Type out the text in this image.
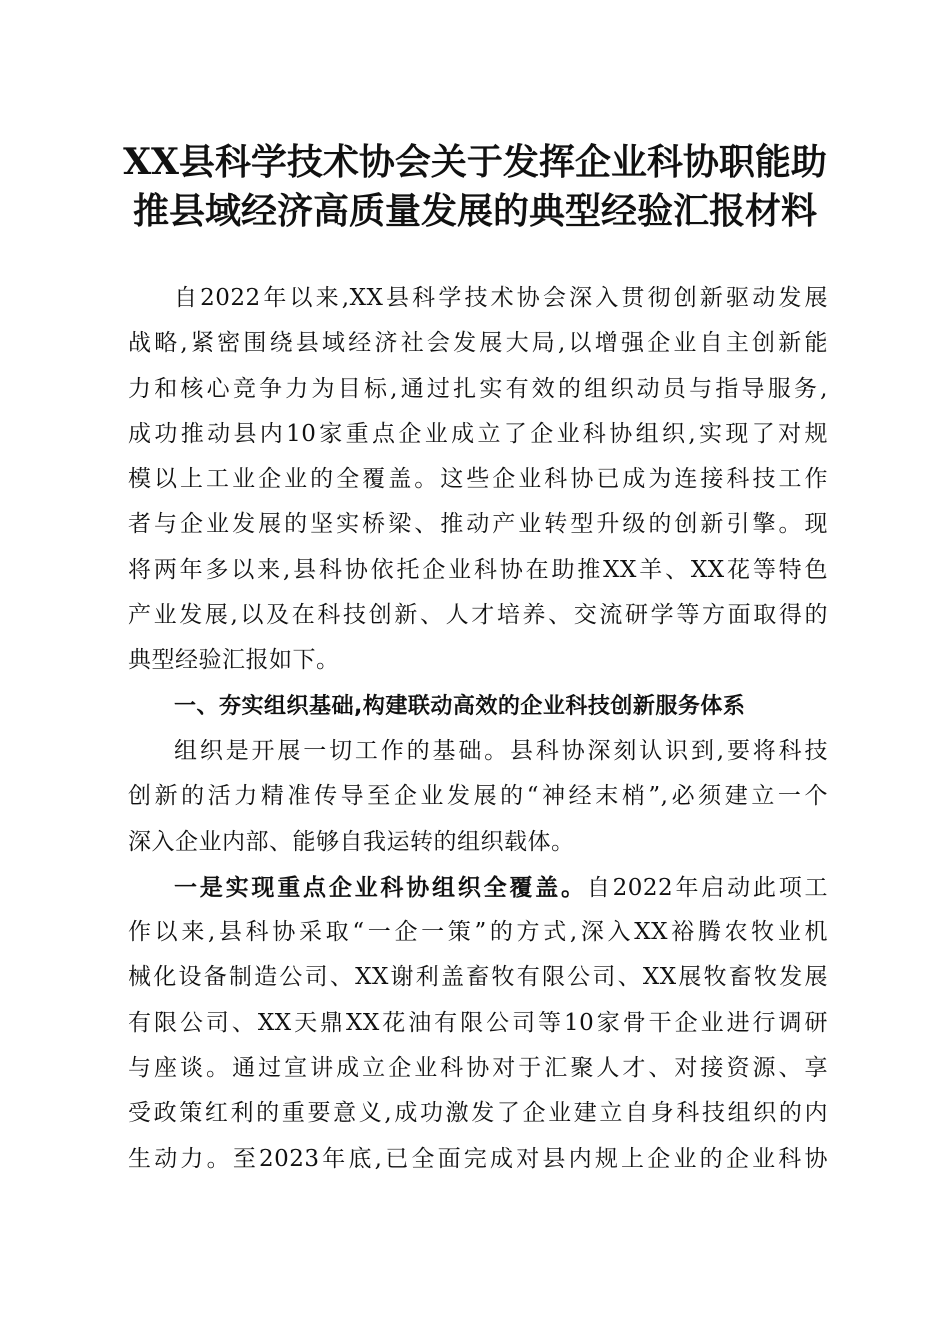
XX县科学技术协会关于发挥企业科协职能助
推县域经济高质量发展的典型经验汇报材料
自2022年以来,XX县科学技术协会深入贯彻创新驱动发展
战略,紧密围绕县域经济社会发展大局,以增强企业自主创新能
力和核心竞争力为目标,通过扎实有效的组织动员与指导服务,
成功推动县内10家重点企业成立了企业科协组织,实现了对规
模以上工业企业的全覆盖。这些企业科协已成为连接科技工作
者与企业发展的坚实桥梁、推动产业转型升级的创新引擎。现
将两年多以来,县科协依托企业科协在助推XX羊、XX花等特色
产业发展,以及在科技创新、人才培养、交流研学等方面取得的
典型经验汇报如下。
一、夯实组织基础,构建联动高效的企业科技创新服务体系
组织是开展一切工作的基础。县科协深刻认识到,要将科技
创新的活力精准传导至企业发展的“神经末梢”,必须建立一个
深入企业内部、能够自我运转的组织载体。
一是实现重点企业科协组织全覆盖。自2022年启动此项工
作以来,县科协采取“一企一策”的方式,深入XX裕腾农牧业机
械化设备制造公司、XX谢利盖畜牧有限公司、XX展牧畜牧发展
有限公司、XX天鼎XX花油有限公司等10家骨干企业进行调研
与座谈。通过宣讲成立企业科协对于汇聚人才、对接资源、享
受政策红利的重要意义,成功激发了企业建立自身科技组织的内
生动力。至2023年底,已全面完成对县内规上企业的企业科协
